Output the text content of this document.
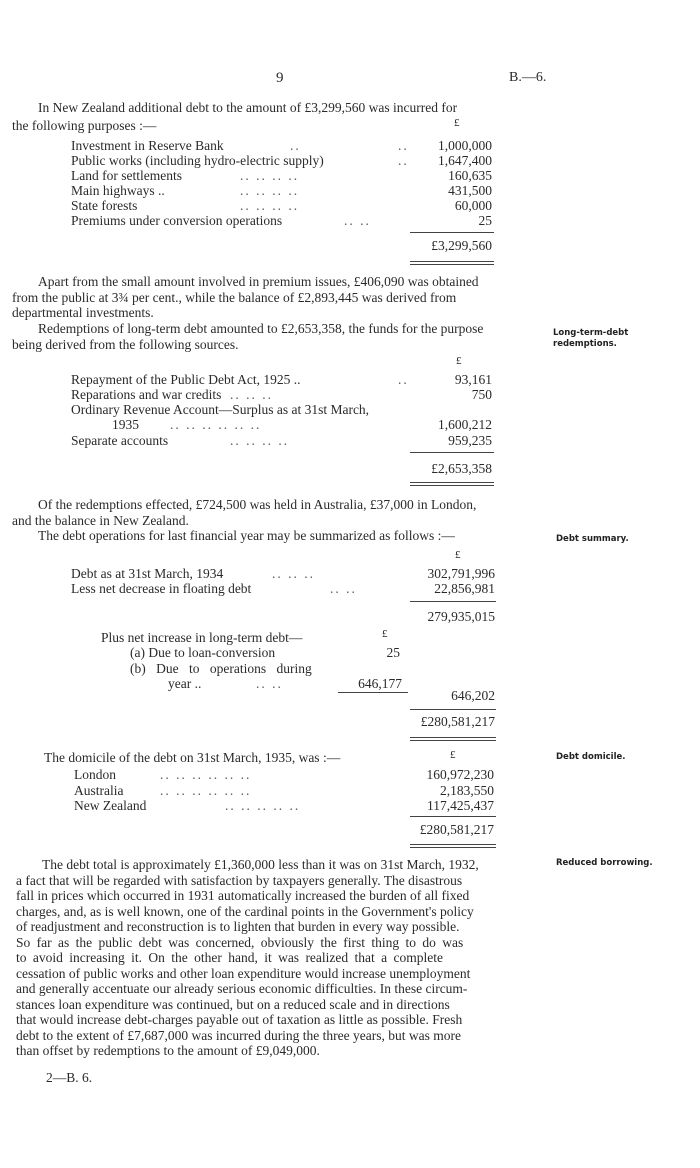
9	B.—6.
In New Zealand additional debt to the amount of £3,299,560 was incurred for
the following purposes :—	£
Investment in Reserve Bank	1,000,000
Public works (including hydro-electric supply)	1,647,400
Land for settlements	160,635
Main highways ..	431,500
State forests	60,000
Premiums under conversion operations	25
..	..
..
.. .. .. ..
.. .. .. ..
.. .. .. ..
.. ..
£3,299,560
Apart from the small amount involved in premium issues, £406,090 was obtained
from the public at 3¾ per cent., while the balance of £2,893,445 was derived from
departmental investments.
Redemptions of long-term debt amounted to £2,653,358, the funds for the purpose
being derived from the following sources.
Long-term-debt
redemptions.
£
Repayment of the Public Debt Act, 1925 ..	93,161
Reparations and war credits	750
Ordinary Revenue Account—Surplus as at 31st March,
1935	1,600,212
Separate accounts	959,235
..
.. .. ..
.. .. .. .. .. ..
.. .. .. ..
£2,653,358
Of the redemptions effected, £724,500 was held in Australia, £37,000 in London,
and the balance in New Zealand.
The debt operations for last financial year may be summarized as follows :—	Debt summary.
£
Debt as at 31st March, 1934	302,791,996
Less net decrease in floating debt	22,856,981
.. .. ..
.. ..
279,935,015
Plus net increase in long-term debt—	£
(a) Due to loan-conversion	25
(b) Due to operations during
year ..	.. ..	646,177
646,202
£280,581,217
The domicile of the debt on 31st March, 1935, was :—	£	Debt domicile.
London	160,972,230
Australia	2,183,550
New Zealand	117,425,437
.. .. .. .. .. ..
.. .. .. .. .. ..
.. .. .. .. ..
£280,581,217
Reduced borrowing.
The debt total is approximately £1,360,000 less than it was on 31st March, 1932,
a fact that will be regarded with satisfaction by taxpayers generally. The disastrous
fall in prices which occurred in 1931 automatically increased the burden of all fixed
charges, and, as is well known, one of the cardinal points in the Government's policy
of readjustment and reconstruction is to lighten that burden in every way possible.
So far as the public debt was concerned, obviously the first thing to do was
to avoid increasing it. On the other hand, it was realized that a complete
cessation of public works and other loan expenditure would increase unemployment
and generally accentuate our already serious economic difficulties. In these circum-
stances loan expenditure was continued, but on a reduced scale and in directions
that would increase debt-charges payable out of taxation as little as possible. Fresh
debt to the extent of £7,687,000 was incurred during the three years, but was more
than offset by redemptions to the amount of £9,049,000.
2—B. 6.
